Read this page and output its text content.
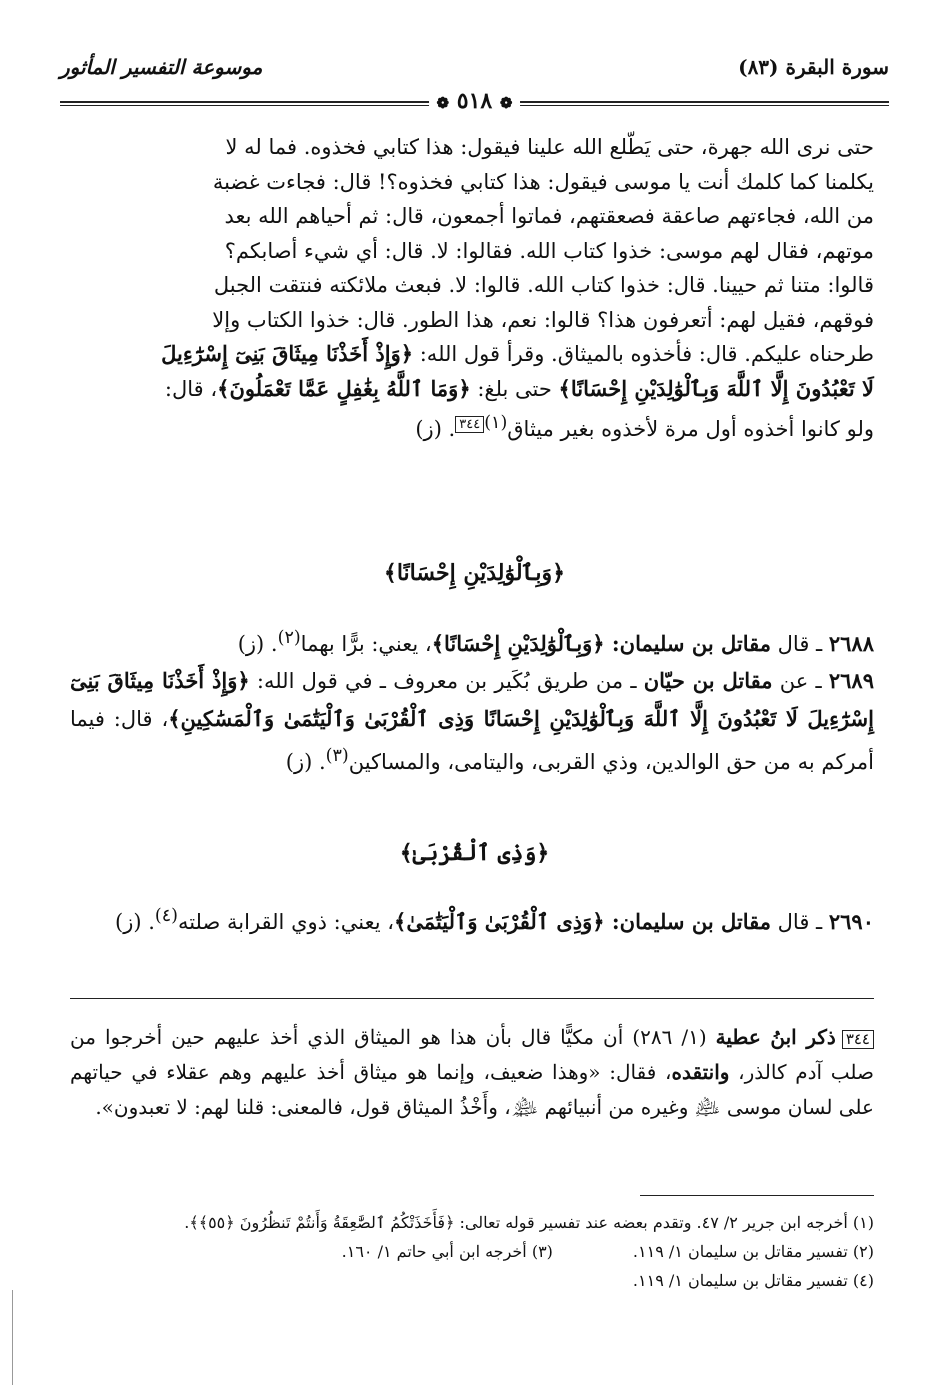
سورة البقرة (٨٣)
موسوعة التفسير المأثور
❁ ٥١٨ ❁

حتى نرى الله جهرة، حتى يَطّلع الله علينا فيقول: هذا كتابي فخذوه. فما له لا

يكلمنا كما كلمك أنت يا موسى فيقول: هذا كتابي فخذوه؟! قال: فجاءت غضبة

من الله، فجاءتهم صاعقة فصعقتهم، فماتوا أجمعون، قال: ثم أحياهم الله بعد

موتهم، فقال لهم موسى: خذوا كتاب الله. فقالوا: لا. قال: أي شيء أصابكم؟

قالوا: متنا ثم حيينا. قال: خذوا كتاب الله. قالوا: لا. فبعث ملائكته فنتقت الجبل

فوقهم، فقيل لهم: أتعرفون هذا؟ قالوا: نعم، هذا الطور. قال: خذوا الكتاب وإلا

طرحناه عليكم. قال: فأخذوه بالميثاق. وقرأ قول الله: ﴿وَإِذْ أَخَذْنَا مِيثَاقَ بَنِىٓ إِسْرَٰٓءِيلَ

لَا تَعْبُدُونَ إِلَّا ٱللَّهَ وَبِٱلْوَٰلِدَيْنِ إِحْسَانًا﴾ حتى بلغ: ﴿وَمَا ٱللَّهُ بِغَٰفِلٍ عَمَّا تَعْمَلُونَ﴾، قال:

ولو كانوا أخذوه أول مرة لأخذوه بغير ميثاق$^{(١)}$٣٤٤. (ز)

﴿وَبِٱلْوَٰلِدَيْنِ إِحْسَانًا﴾

٢٦٨٨ ـ قال مقاتل بن سليمان: ﴿وَبِٱلْوَٰلِدَيْنِ إِحْسَانًا﴾، يعني: برًّا بهما$^{(٢)}$. (ز)

٢٦٨٩ ـ عن مقاتل بن حيّان ـ من طريق بُكَير بن معروف ـ في قول الله: ﴿وَإِذْ أَخَذْنَا مِيثَاقَ بَنِىٓ إِسْرَٰٓءِيلَ لَا تَعْبُدُونَ إِلَّا ٱللَّهَ وَبِٱلْوَٰلِدَيْنِ إِحْسَانًا وَذِى ٱلْقُرْبَىٰ وَٱلْيَتَٰمَىٰ وَٱلْمَسَٰكِينِ﴾، قال: فيما أمركم به من حق الوالدين، وذي القربى، واليتامى، والمساكين$^{(٣)}$. (ز)

﴿وَذِى ٱلْقُرْبَىٰ﴾

٢٦٩٠ ـ قال مقاتل بن سليمان: ﴿وَذِى ٱلْقُرْبَىٰ وَٱلْيَتَٰمَىٰ﴾، يعني: ذوي القرابة صلته$^{(٤)}$. (ز)

٣٤٤ذكر ابنُ عطية (١/ ٢٨٦) أن مكيًّا قال بأن هذا هو الميثاق الذي أخذ عليهم حين أخرجوا من صلب آدم كالذر، وانتقده، فقال: «وهذا ضعيف، وإنما هو ميثاق أخذ عليهم وهم عقلاء في حياتهم على لسان موسى ﵇ وغيره من أنبيائهم ﵈، وأَخْذُ الميثاق قول، فالمعنى: قلنا لهم: لا تعبدون».

(١) أخرجه ابن جرير ٢/ ٤٧. وتقدم بعضه عند تفسير قوله تعالى: ﴿فَأَخَذَتْكُمُ ٱلصَّٰعِقَةُ وَأَنتُمْ تَنظُرُونَ ﴿٥٥﴾﴾.

(٢) تفسير مقاتل بن سليمان ١/ ١١٩.

(٣) أخرجه ابن أبي حاتم ١/ ١٦٠.

(٤) تفسير مقاتل بن سليمان ١/ ١١٩.
